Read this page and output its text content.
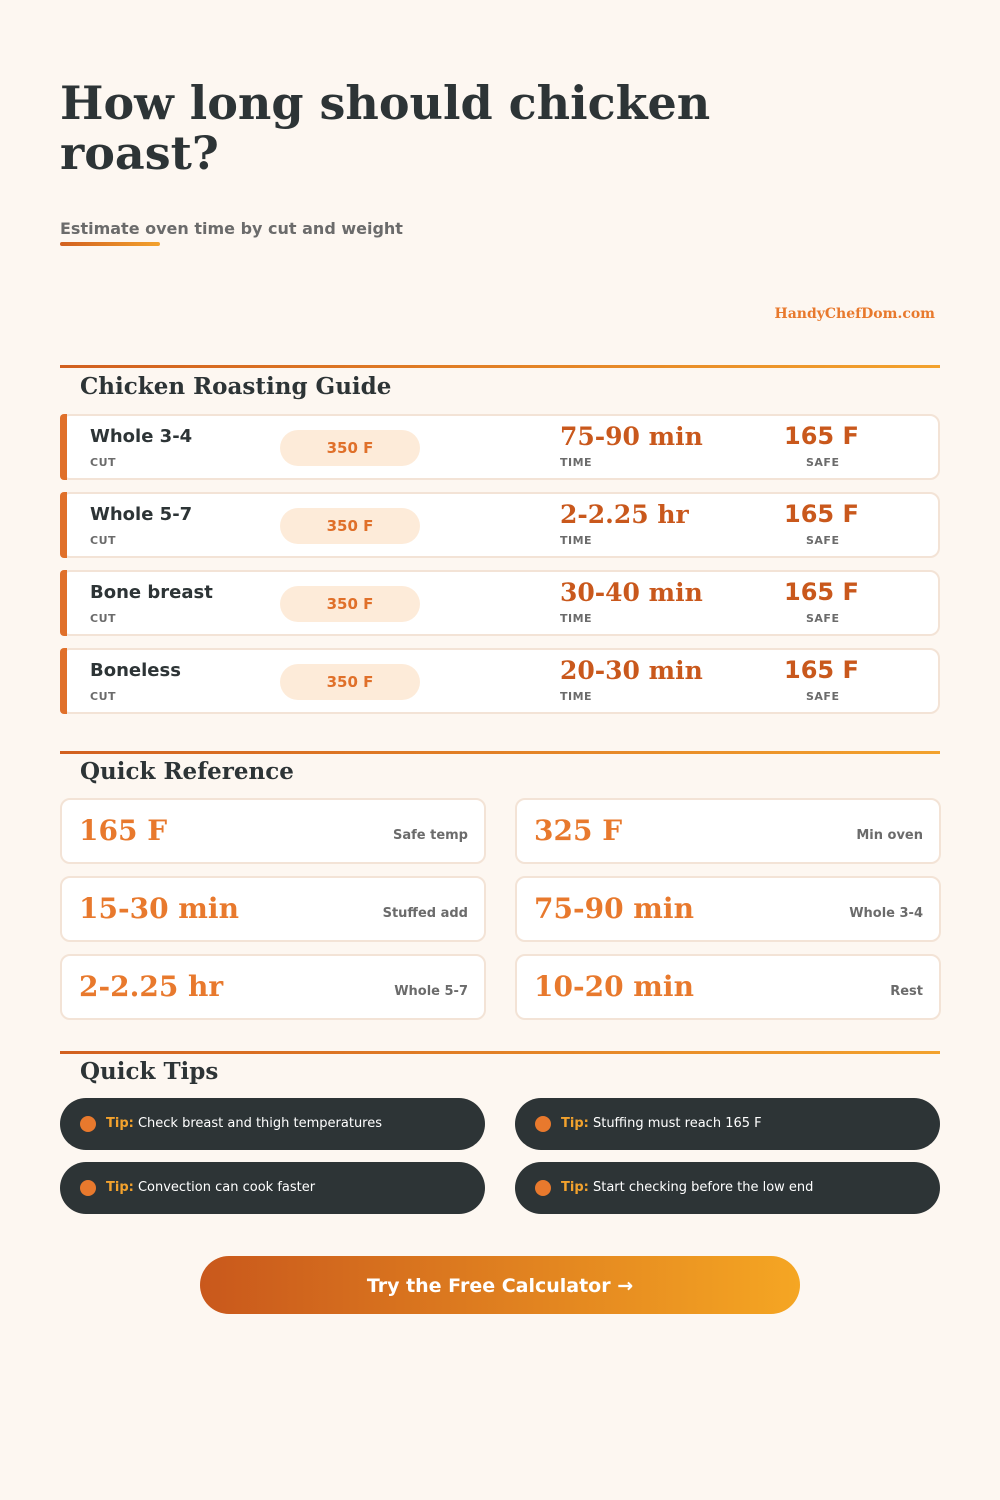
How long should chicken roast?
Estimate oven time by cut and weight
HandyChefDom.com
Chicken Roasting Guide
Whole 3-4
CUT
350 F	75-90 min
TIME
165 F
SAFE
Whole 5-7
CUT
350 F	2-2.25 hr
TIME
165 F
SAFE
Bone breast
CUT
350 F	30-40 min
TIME
165 F
SAFE
Boneless
CUT
350 F	20-30 min
TIME
165 F
SAFE
Quick Reference
165 F	Safe temp 325 F	Min oven
15-30 min	Stuffed add 75-90 min	Whole 3-4
2-2.25 hr	Whole 5-7 10-20 min	Rest
Quick Tips
Tip: Check breast and thigh temperatures	Tip: Stuffing must reach 165 F
Tip: Convection can cook faster	Tip: Start checking before the low end
Try the Free Calculator →
